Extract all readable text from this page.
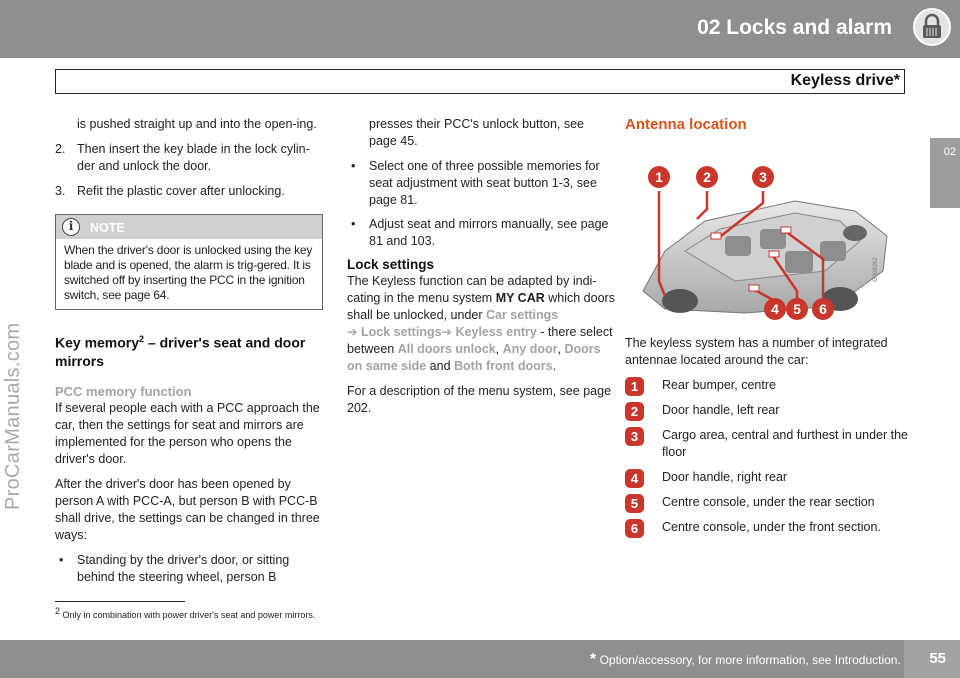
02 Locks and alarm
Keyless drive*
02
ProCarManuals.com

is pushed straight up and into the open-ing.

2. Then insert the key blade in the lock cylin-der and unlock the door.
3. Refit the plastic cover after unlocking.
i	NOTE
When the driver's door is unlocked using the key blade and is opened, the alarm is trig-gered. It is switched off by inserting the PCC in the ignition switch, see page 64.
Key memory$^2$ – driver's seat and door mirrors
PCC memory function

If several people each with a PCC approach the car, then the settings for seat and mirrors are implemented for the person who opens the driver's door.

After the driver's door has been opened by person A with PCC-A, but person B with PCC-B shall drive, the settings can be changed in three ways:

• Standing by the driver's door, or sitting behind the steering wheel, person B

presses their PCC's unlock button, see page 45.

• Select one of three possible memories for seat adjustment with seat button 1-3, see page 81.
• Adjust seat and mirrors manually, see page 81 and 103.
Lock settings

The Keyless function can be adapted by indi-cating in the menu system MY CAR which doors shall be unlocked, under Car settings
➔ Lock settings➔ Keyless entry - there select between All doors unlock, Any door, Doors on same side and Both front doors.

For a description of the menu system, see page 202.

Antenna location
1	2	3
4	5	6
G008262

The keyless system has a number of integrated antennae located around the car:

1	Rear bumper, centre
2	Door handle, left rear
3	Cargo area, central and furthest in under the floor
4	Door handle, right rear
5	Centre console, under the rear section
6	Centre console, under the front section.
$^2$ Only in combination with power driver's seat and power mirrors.
* Option/accessory, for more information, see Introduction. 55
